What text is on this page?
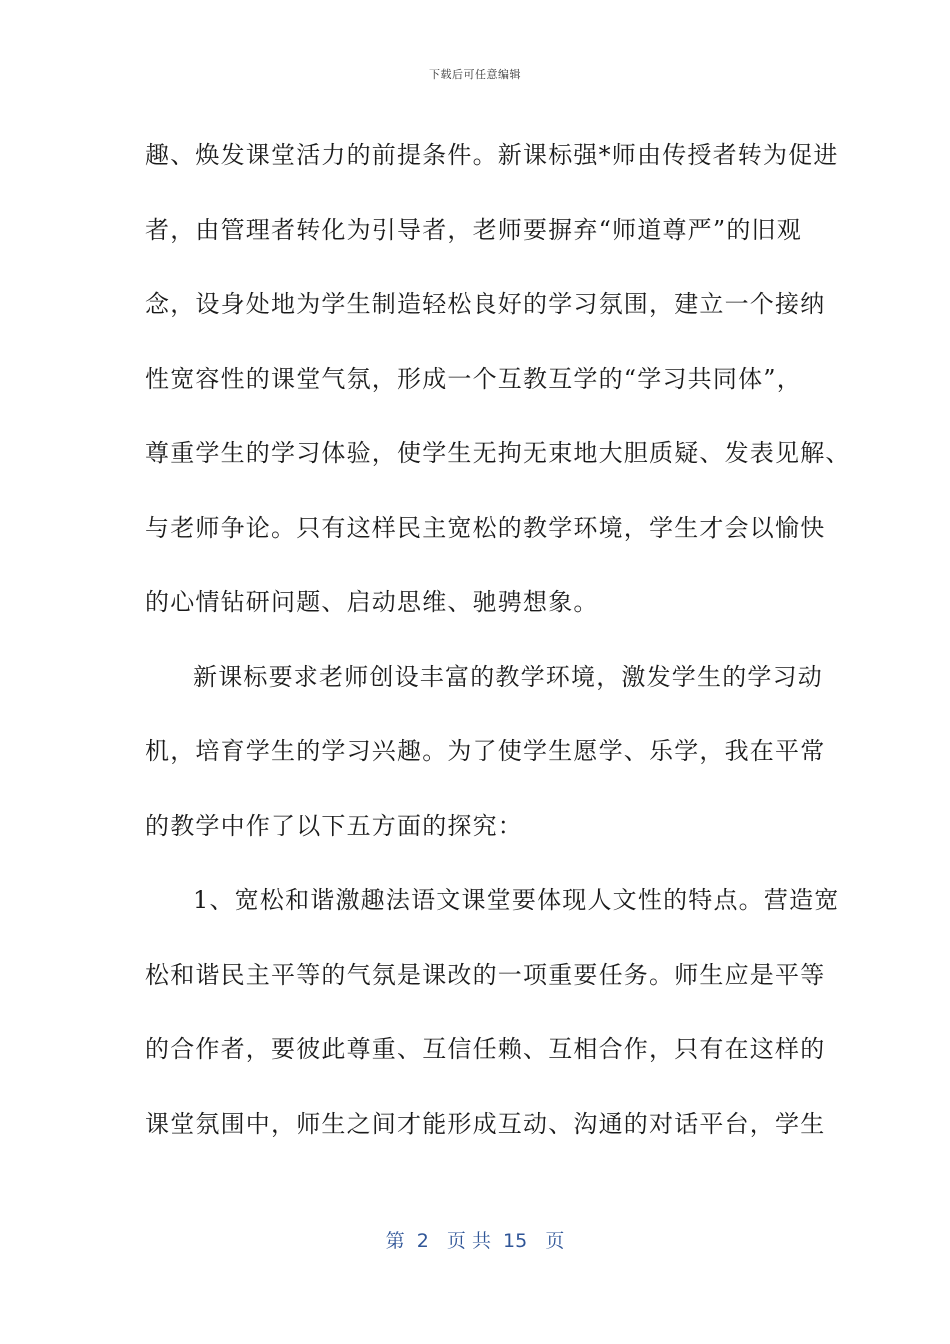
下载后可任意编辑
趣、焕发课堂活力的前提条件。新课标强*师由传授者转为促进
者，由管理者转化为引导者，老师要摒弃“师道尊严”的旧观
念，设身处地为学生制造轻松良好的学习氛围，建立一个接纳
性宽容性的课堂气氛，形成一个互教互学的“学习共同体”，
尊重学生的学习体验，使学生无拘无束地大胆质疑、发表见解、
与老师争论。只有这样民主宽松的教学环境，学生才会以愉快
的心情钻研问题、启动思维、驰骋想象。
新课标要求老师创设丰富的教学环境，激发学生的学习动
机，培育学生的学习兴趣。为了使学生愿学、乐学，我在平常
的教学中作了以下五方面的探究：
1、宽松和谐激趣法语文课堂要体现人文性的特点。营造宽
松和谐民主平等的气氛是课改的一项重要任务。师生应是平等
的合作者，要彼此尊重、互信任赖、互相合作，只有在这样的
课堂氛围中，师生之间才能形成互动、沟通的对话平台，学生
第  2   页 共  15   页
